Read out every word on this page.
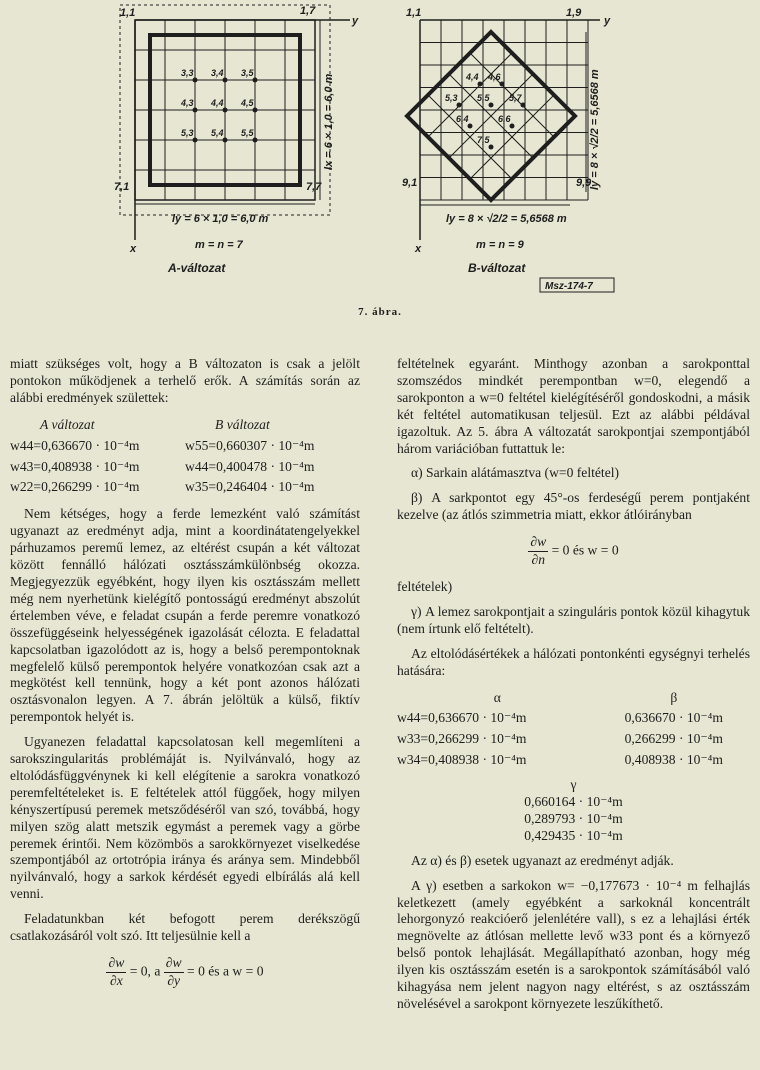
3,3 3,4 3,5
4,3 4,4 4,5
5,3 5,4 5,5
1,1	1,7
7,1	7,7
y
x
lx = 6 × 1,0 = 6,0 m
ly = 6 × 1,0 = 6,0 m
m = n = 7
A-változat
4,4 4,6
5,3 5,5 5,7
6,4	6,6
7,5
1,1	1,9
9,1	9,9
y
x
ly = 8 × √2/2 = 5,6568 m
ly = 8 × √2/2 = 5,6568 m
m = n = 9
B-változat
Msz-174-7
7. ábra.

miatt szükséges volt, hogy a B változaton is csak a jelölt pontokon működjenek a terhelő erők. A számítás során az alábbi eredmények születtek:

A változat	B változat
w44=0,636670 · 10⁻⁴m	w55=0,660307 · 10⁻⁴m
w43=0,408938 · 10⁻⁴m	w44=0,400478 · 10⁻⁴m
w22=0,266299 · 10⁻⁴m	w35=0,246404 · 10⁻⁴m

Nem kétséges, hogy a ferde lemezként való számítást ugyanazt az eredményt adja, mint a koordinátatengelyekkel párhuzamos peremű lemez, az eltérést csupán a két változat között fennálló hálózati osztásszámkülönbség okozza. Megjegyezzük egyébként, hogy ilyen kis osztásszám mellett még nem nyerhetünk kielégítő pontosságú eredményt abszolút értelemben véve, e feladat csupán a ferde peremre vonatkozó összefüggéseink helyességének igazolását célozta. E feladattal kapcsolatban igazolódott az is, hogy a belső perempontoknak megfelelő külső perempontok helyére vonatkozóan csak azt a megkötést kell tennünk, hogy a két pont azonos hálózati osztásvonalon legyen. A 7. ábrán jelöltük a külső, fiktív perempontok helyét is.

Ugyanezen feladattal kapcsolatosan kell megemlíteni a sarokszingularitás problémáját is. Nyilvánvaló, hogy az eltolódásfüggvénynek ki kell elégítenie a sarokra vonatkozó peremfeltételeket is. E feltételek attól függőek, hogy milyen kényszertípusú peremek metsződéséről van szó, továbbá, hogy milyen szög alatt metszik egymást a peremek vagy a görbe peremek érintői. Nem közömbös a sarokkörnyezet viselkedése szempontjából az ortotrópia iránya és aránya sem. Mindebből nyilvánvaló, hogy a sarkok kérdését egyedi elbírálás alá kell venni.

Feladatunkban két befogott perem derékszögű csatlakozásáról volt szó. Itt teljesülnie kell a

$\frac{\partial w}{\partial x} = 0$, a $\frac{\partial w}{\partial y} = 0$ és a w = 0

feltételnek egyaránt. Minthogy azonban a sarokponttal szomszédos mindkét perempontban w=0, elegendő a sarokponton a w=0 feltétel kielégítéséről gondoskodni, a másik két feltétel automatikusan teljesül. Ezt az alábbi példával igazoltuk. Az 5. ábra A változatát sarokpontjai szempontjából három variációban futtattuk le:

α) Sarkain alátámasztva (w=0 feltétel)

β) A sarkpontot egy 45°-os ferdeségű perem pontjaként kezelve (az átlós szimmetria miatt, ekkor átlóirányban

$\frac{\partial w}{\partial n} = 0$ és w = 0

feltételek)

γ) A lemez sarokpontjait a szinguláris pontok közül kihagytuk (nem írtunk elő feltételt).

Az eltolódásértékek a hálózati pontonkénti egységnyi terhelés hatására:

α	β
w44=0,636670 · 10⁻⁴m	0,636670 · 10⁻⁴m
w33=0,266299 · 10⁻⁴m	0,266299 · 10⁻⁴m
w34=0,408938 · 10⁻⁴m	0,408938 · 10⁻⁴m
γ
0,660164 · 10⁻⁴m
0,289793 · 10⁻⁴m
0,429435 · 10⁻⁴m

Az α) és β) esetek ugyanazt az eredményt adják.

A γ) esetben a sarkokon w= −0,177673 · 10⁻⁴ m felhajlás keletkezett (amely egyébként a sarkoknál koncentrált lehorgonyzó reakcióerő jelenlétére vall), s ez a lehajlási érték megnövelte az átlósan mellette levő w33 pont és a környező belső pontok lehajlását. Megállapítható azonban, hogy még ilyen kis osztásszám esetén is a sarokpontok számításából való kihagyása nem jelent nagyon nagy eltérést, s az osztásszám növelésével a sarokpont környezete leszűkíthető.
